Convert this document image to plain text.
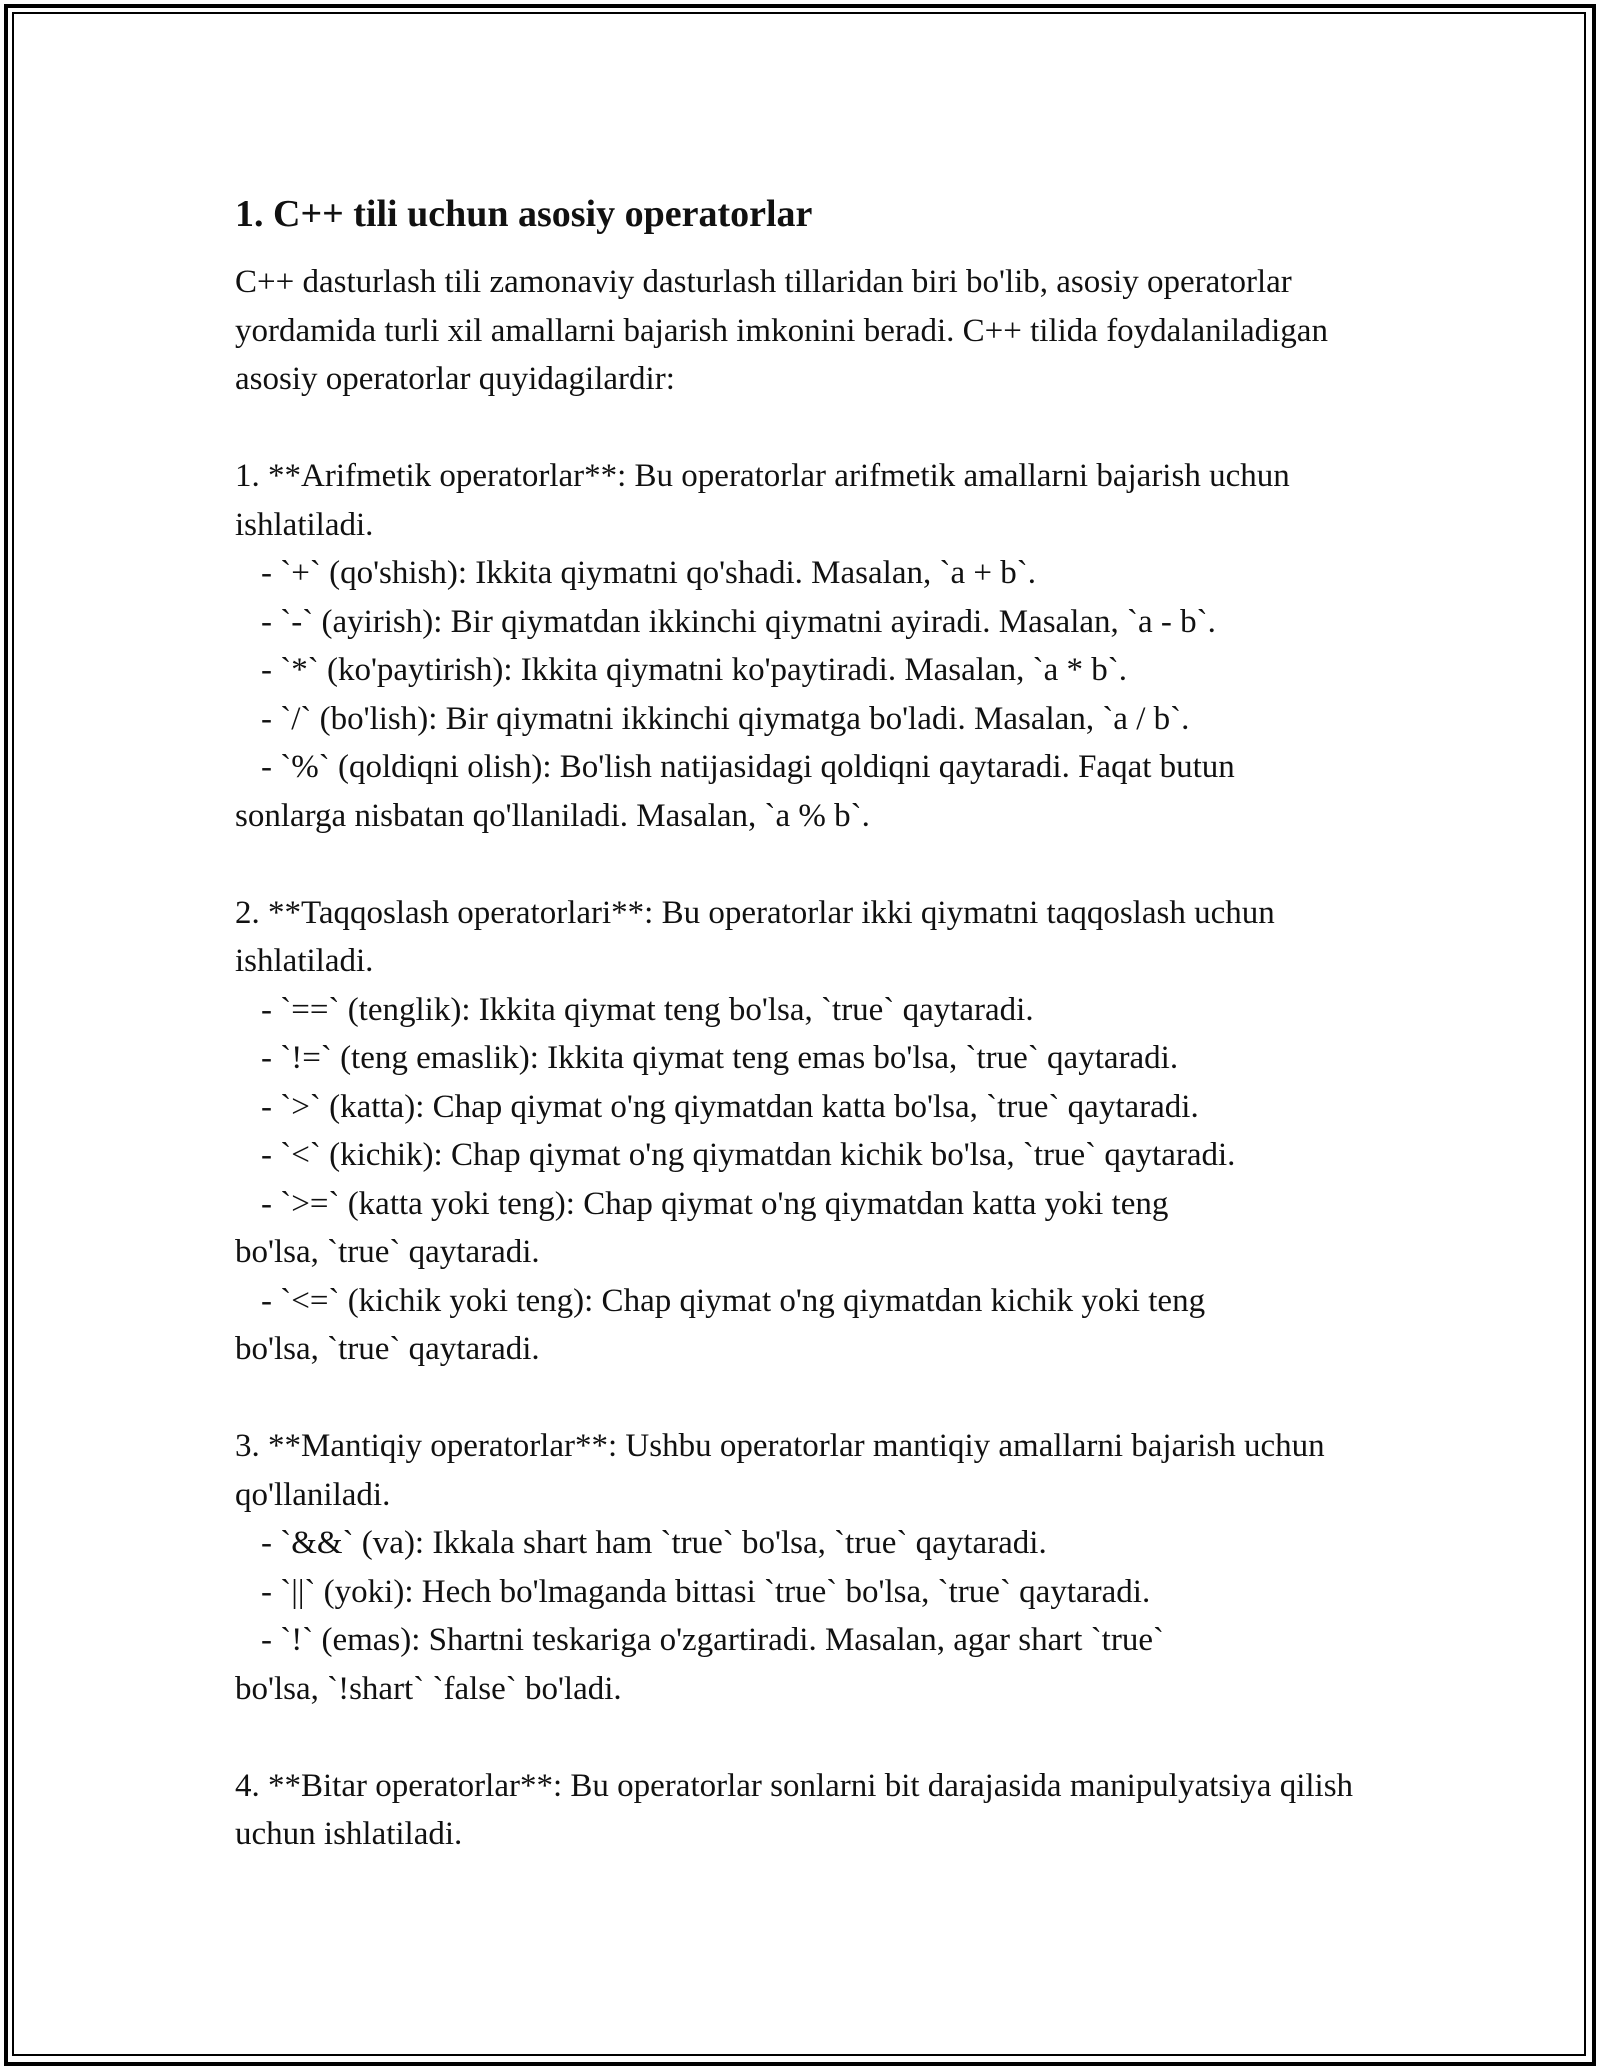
1. C++ tili uchun asosiy operatorlar

C++ dasturlash tili zamonaviy dasturlash tillaridan biri bo'lib, asosiy operatorlar yordamida turli xil amallarni bajarish imkonini beradi. C++ tilida foydalaniladigan asosiy operatorlar quyidagilardir:

1. **Arifmetik operatorlar**: Bu operatorlar arifmetik amallarni bajarish uchun ishlatiladi.

- `+` (qo'shish): Ikkita qiymatni qo'shadi. Masalan, `a + b`.

- `-` (ayirish): Bir qiymatdan ikkinchi qiymatni ayiradi. Masalan, `a - b`.

- `*` (ko'paytirish): Ikkita qiymatni ko'paytiradi. Masalan, `a * b`.

- `/` (bo'lish): Bir qiymatni ikkinchi qiymatga bo'ladi. Masalan, `a / b`.

- `%` (qoldiqni olish): Bo'lish natijasidagi qoldiqni qaytaradi. Faqat butun

sonlarga nisbatan qo'llaniladi. Masalan, `a % b`.

2. **Taqqoslash operatorlari**: Bu operatorlar ikki qiymatni taqqoslash uchun ishlatiladi.

- `==` (tenglik): Ikkita qiymat teng bo'lsa, `true` qaytaradi.

- `!=` (teng emaslik): Ikkita qiymat teng emas bo'lsa, `true` qaytaradi.

- `>` (katta): Chap qiymat o'ng qiymatdan katta bo'lsa, `true` qaytaradi.

- `<` (kichik): Chap qiymat o'ng qiymatdan kichik bo'lsa, `true` qaytaradi.

- `>=` (katta yoki teng): Chap qiymat o'ng qiymatdan katta yoki teng

bo'lsa, `true` qaytaradi.

- `<=` (kichik yoki teng): Chap qiymat o'ng qiymatdan kichik yoki teng

bo'lsa, `true` qaytaradi.

3. **Mantiqiy operatorlar**: Ushbu operatorlar mantiqiy amallarni bajarish uchun qo'llaniladi.

- `&&` (va): Ikkala shart ham `true` bo'lsa, `true` qaytaradi.

- `||` (yoki): Hech bo'lmaganda bittasi `true` bo'lsa, `true` qaytaradi.

- `!` (emas): Shartni teskariga o'zgartiradi. Masalan, agar shart `true`

bo'lsa, `!shart` `false` bo'ladi.

4. **Bitar operatorlar**: Bu operatorlar sonlarni bit darajasida manipulyatsiya qilish uchun ishlatiladi.
